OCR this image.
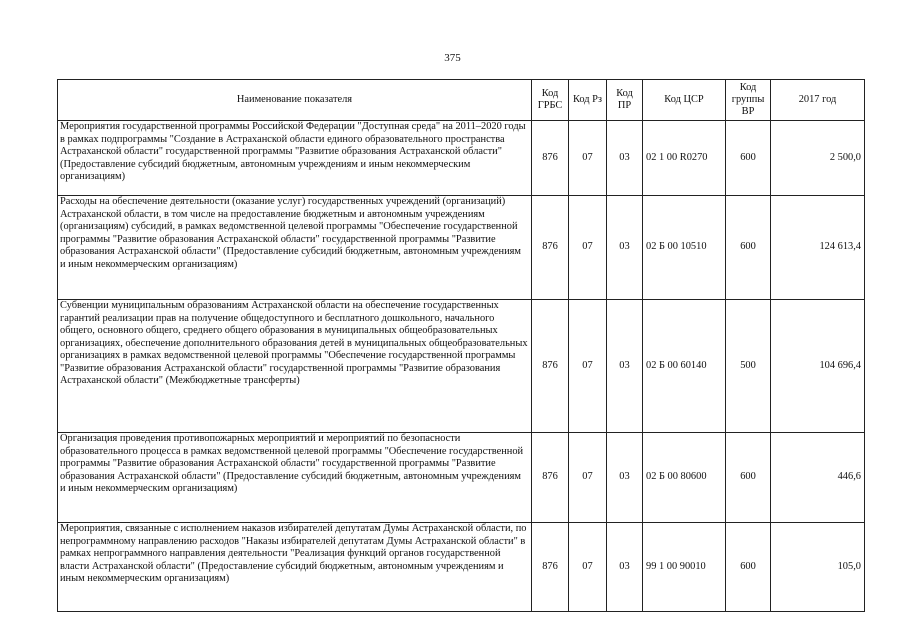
375
Наименование показателя	Код ГРБС	Код Рз	Код ПР	Код ЦСР	Код группы ВР	2017 год
Мероприятия государственной программы Российской Федерации "Доступная среда" на 2011–2020 годы в рамках подпрограммы "Создание в Астраханской области единого образовательного пространства Астраханской области" государственной программы "Развитие образования Астраханской области" (Предоставление субсидий бюджетным, автономным учреждениям и иным некоммерческим организациям)	876	07	03	02 1 00 R0270	600	2 500,0
Расходы на обеспечение деятельности (оказание услуг) государственных учреждений (организаций) Астраханской области, в том числе на предоставление бюджетным и автономным учреждениям (организациям) субсидий, в рамках ведомственной целевой программы "Обеспечение государственной программы "Развитие образования Астраханской области" государственной программы "Развитие образования Астраханской области" (Предоставление субсидий бюджетным, автономным учреждениям и иным некоммерческим организациям)	876	07	03	02 Б 00 10510	600	124 613,4
Субвенции муниципальным образованиям Астраханской области на обеспечение государственных гарантий реализации прав на получение общедоступного и бесплатного дошкольного, начального общего, основного общего, среднего общего образования в муниципальных общеобразовательных организациях, обеспечение дополнительного образования детей в муниципальных общеобразовательных организациях в рамках ведомственной целевой программы "Обеспечение государственной программы "Развитие образования Астраханской области" государственной программы "Развитие образования Астраханской области" (Межбюджетные трансферты)	876	07	03	02 Б 00 60140	500	104 696,4
Организация проведения противопожарных мероприятий и мероприятий по безопасности образовательного процесса в рамках ведомственной целевой программы "Обеспечение государственной программы "Развитие образования Астраханской области" государственной программы "Развитие образования Астраханской области" (Предоставление субсидий бюджетным, автономным учреждениям и иным некоммерческим организациям)	876	07	03	02 Б 00 80600	600	446,6
Мероприятия, связанные с исполнением наказов избирателей депутатам Думы Астраханской области, по непрограммному направлению расходов "Наказы избирателей депутатам Думы Астраханской области" в рамках непрограммного направления деятельности "Реализация функций органов государственной власти Астраханской области" (Предоставление субсидий бюджетным, автономным учреждениям и иным некоммерческим организациям)	876	07	03	99 1 00 90010	600	105,0
